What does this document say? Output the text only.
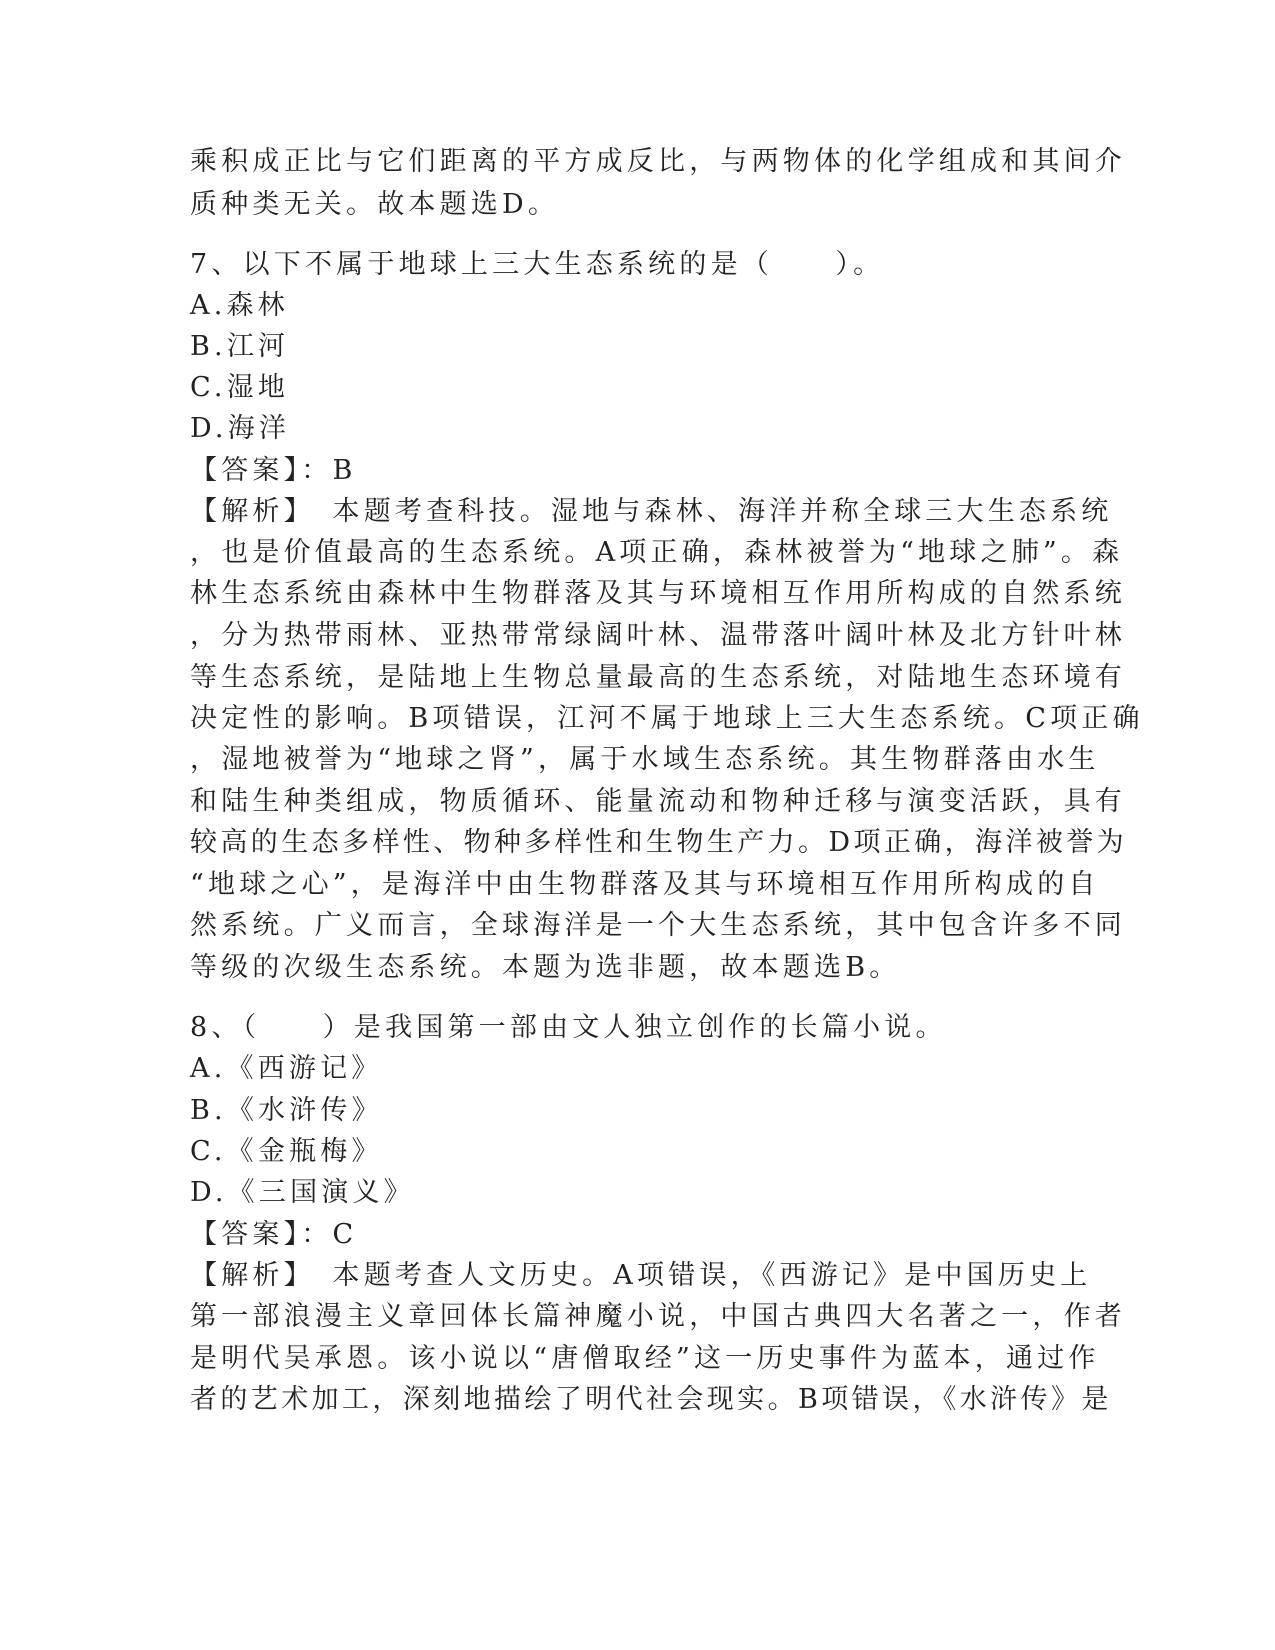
乘积成正比与它们距离的平方成反比，与两物体的化学组成和其间介
质种类无关。故本题选D。
7、以下不属于地球上三大生态系统的是（　　）。
A.森林
B.江河
C.湿地
D.海洋
【答案】：B
【解析】　本题考查科技。湿地与森林、海洋并称全球三大生态系统
，也是价值最高的生态系统。A项正确，森林被誉为“地球之肺”。森
林生态系统由森林中生物群落及其与环境相互作用所构成的自然系统
，分为热带雨林、亚热带常绿阔叶林、温带落叶阔叶林及北方针叶林
等生态系统，是陆地上生物总量最高的生态系统，对陆地生态环境有
决定性的影响。B项错误，江河不属于地球上三大生态系统。C项正确
，湿地被誉为“地球之肾”，属于水域生态系统。其生物群落由水生
和陆生种类组成，物质循环、能量流动和物种迁移与演变活跃，具有
较高的生态多样性、物种多样性和生物生产力。D项正确，海洋被誉为
“地球之心”，是海洋中由生物群落及其与环境相互作用所构成的自
然系统。广义而言，全球海洋是一个大生态系统，其中包含许多不同
等级的次级生态系统。本题为选非题，故本题选B。
8、（　　）是我国第一部由文人独立创作的长篇小说。
A.《西游记》
B.《水浒传》
C.《金瓶梅》
D.《三国演义》
【答案】：C
【解析】　本题考查人文历史。A项错误，《西游记》是中国历史上
第一部浪漫主义章回体长篇神魔小说，中国古典四大名著之一，作者
是明代吴承恩。该小说以“唐僧取经”这一历史事件为蓝本，通过作
者的艺术加工，深刻地描绘了明代社会现实。B项错误，《水浒传》是
